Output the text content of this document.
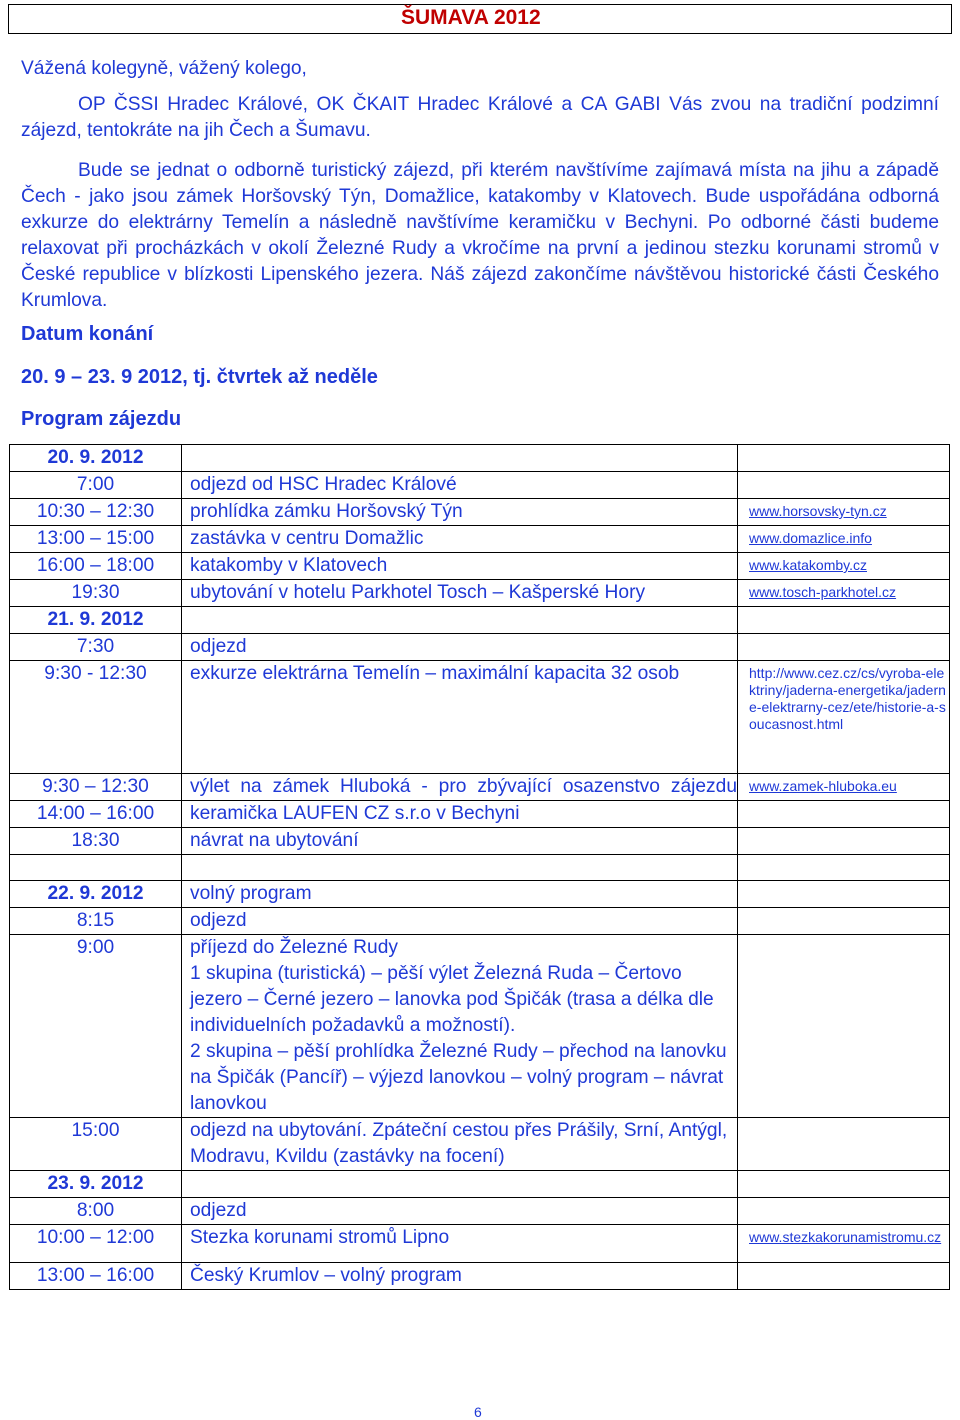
ŠUMAVA 2012
Vážená kolegyně, vážený kolego,
OP ČSSI Hradec Králové, OK ČKAIT Hradec Králové a CA GABI Vás zvou na tradiční podzimní zájezd, tentokráte na jih Čech a Šumavu.
Bude se jednat o odborně turistický zájezd, při kterém navštívíme zajímavá místa na jihu a západě Čech - jako jsou zámek Horšovský Týn, Domažlice, katakomby v Klatovech. Bude uspořádána odborná exkurze do elektrárny Temelín a následně navštívíme keramičku v Bechyni. Po odborné části budeme relaxovat při procházkách v okolí Železné Rudy a vkročíme na první a jedinou stezku korunami stromů v České republice v blízkosti Lipenského jezera. Náš zájezd zakončíme návštěvou historické části Českého Krumlova.
Datum konání
20. 9 – 23. 9 2012, tj. čtvrtek až neděle
Program zájezdu
20. 9. 2012		
7:00	odjezd od HSC Hradec Králové	
10:30 – 12:30	prohlídka zámku Horšovský Týn	www.horsovsky-tyn.cz
13:00 – 15:00	zastávka v centru Domažlic	www.domazlice.info
16:00 – 18:00	katakomby v Klatovech	www.katakomby.cz
19:30	ubytování v hotelu Parkhotel Tosch – Kašperské Hory	www.tosch-parkhotel.cz
21. 9. 2012		
7:30	odjezd	
9:30 - 12:30	exkurze elektrárna Temelín – maximální kapacita 32 osob	http://www.cez.cz/cs/vyroba-elektriny/jaderna-energetika/jaderne-elektrarny-cez/ete/historie-a-soucasnost.html
9:30 – 12:30	výlet na zámek Hluboká - pro zbývající osazenstvo zájezdu	www.zamek-hluboka.eu
14:00 – 16:00	keramička LAUFEN CZ s.r.o v Bechyni	
18:30	návrat na ubytování	

22. 9. 2012	volný program	
8:15	odjezd	
9:00	příjezd do Železné Rudy
1 skupina (turistická) – pěší výlet Železná Ruda – Čertovo jezero – Černé jezero – lanovka pod Špičák (trasa a délka dle individuelních požadavků a možností).
2 skupina – pěší prohlídka Železné Rudy – přechod na lanovku na Špičák (Pancíř) – výjezd lanovkou – volný program – návrat lanovkou	

15:00	odjezd na ubytování. Zpáteční cestou přes Prášily, Srní, Antýgl, Modravu, Kvildu (zastávky na focení)	
23. 9. 2012		
8:00	odjezd	
10:00 – 12:00	Stezka korunami stromů Lipno	www.stezkakorunamistromu.cz
13:00 – 16:00	Český Krumlov – volný program	
6
